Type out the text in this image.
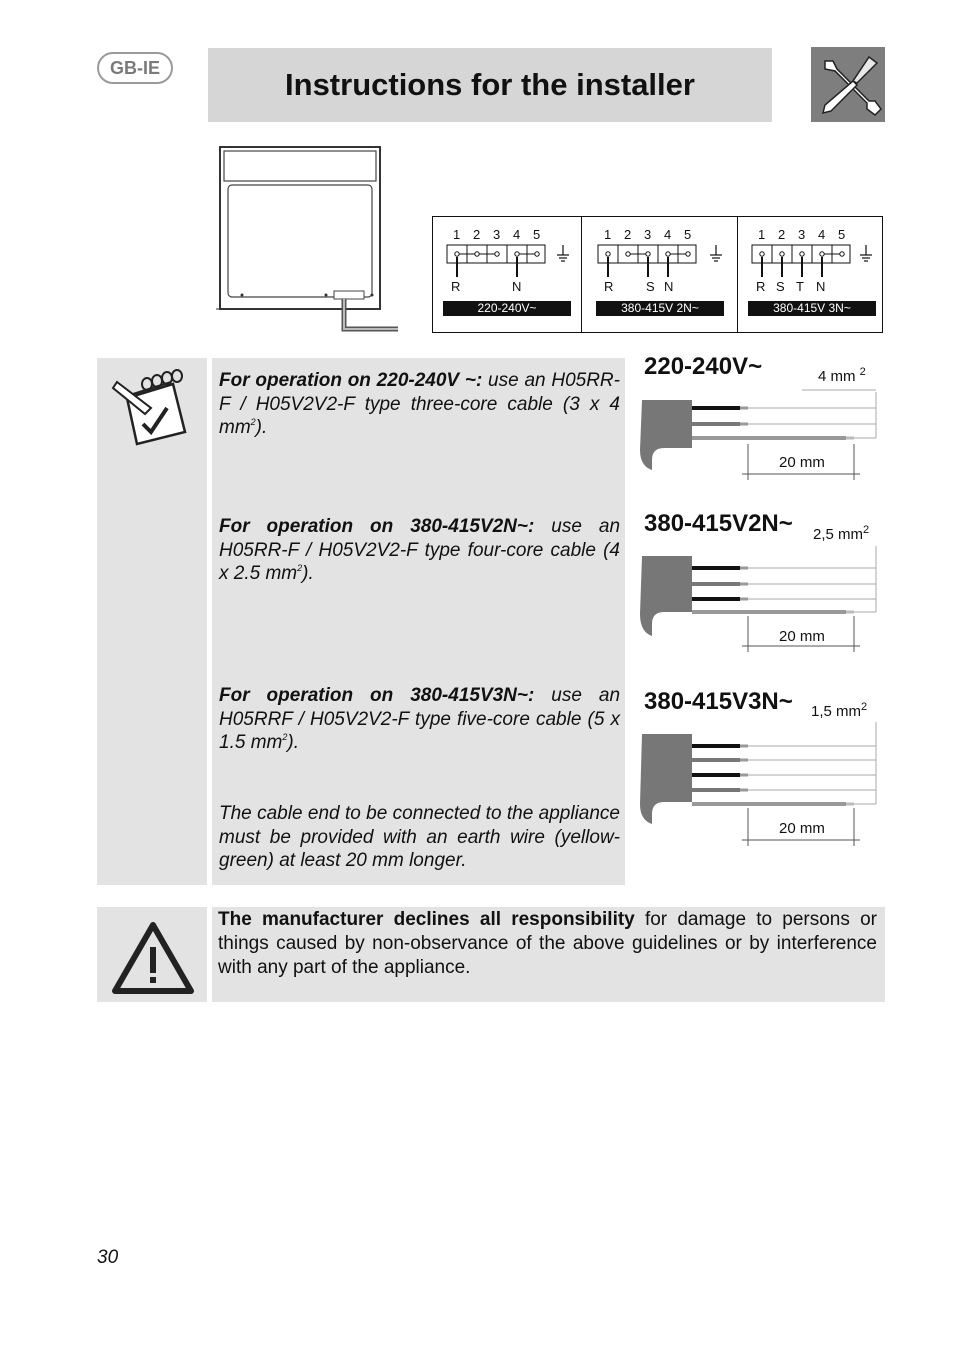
GB-IE	Instructions for the installer
1 2 3 4 5
R	N
220-240V~
1 2 3 4 5
R	S N
380-415V 2N~
1 2 3 4 5
R S T N
380-415V 3N~
For operation on 220-240V ~: use an H05RR-F / H05V2V2-F type three-core cable (3 x 4 $mm^2$).
For operation on 380-415V2N~: use an H05RR-F / H05V2V2-F type four-core cable (4 x 2.5 $mm^2$).
For operation on 380-415V3N~: use an H05RRF / H05V2V2-F type five-core cable (5 x 1.5 $mm^2$).
The cable end to be connected to the appliance must be provided with an earth wire (yellow-green) at least 20 mm longer.
220-240V~	4 mm $^2$
20 mm
380-415V2N~ 2,5 $mm^2$
20 mm
380-415V3N~ 1,5 $mm^2$
20 mm
The manufacturer declines all responsibility for damage to persons or things caused by non-observance of the above guidelines or by interference with any part of the appliance.
30
